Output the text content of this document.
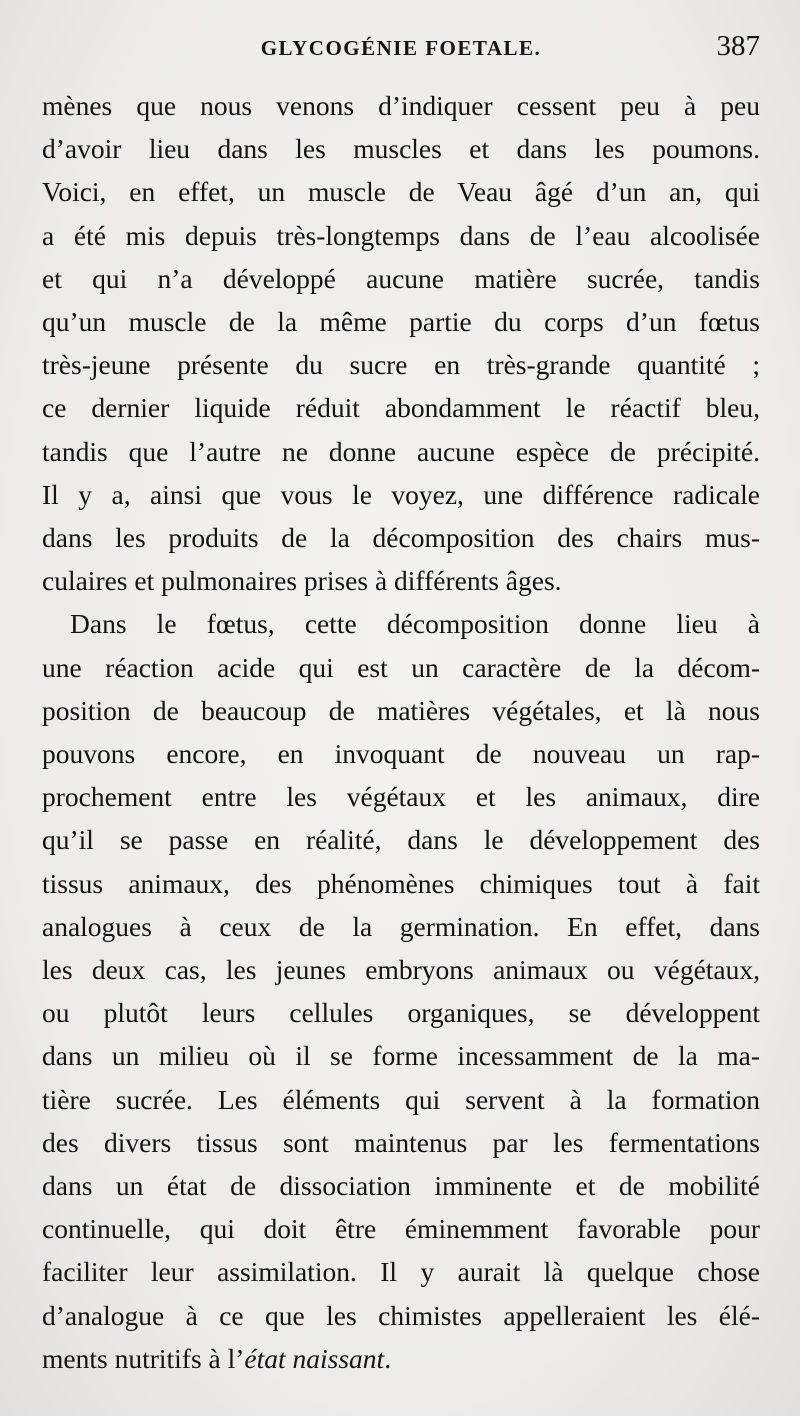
GLYCOGÉNIE FOETALE.	387

mènes que nous venons d’indiquer cessent peu à peu
d’avoir lieu dans les muscles et dans les poumons.
Voici, en effet, un muscle de Veau âgé d’un an, qui
a été mis depuis très-longtemps dans de l’eau alcoolisée
et qui n’a développé aucune matière sucrée, tandis
qu’un muscle de la même partie du corps d’un fœtus
très-jeune présente du sucre en très-grande quantité ;
ce dernier liquide réduit abondamment le réactif bleu,
tandis que l’autre ne donne aucune espèce de précipité.
Il y a, ainsi que vous le voyez, une différence radicale
dans les produits de la décomposition des chairs mus-
culaires et pulmonaires prises à différents âges.

Dans le fœtus, cette décomposition donne lieu à
une réaction acide qui est un caractère de la décom-
position de beaucoup de matières végétales, et là nous
pouvons encore, en invoquant de nouveau un rap-
prochement entre les végétaux et les animaux, dire
qu’il se passe en réalité, dans le développement des
tissus animaux, des phénomènes chimiques tout à fait
analogues à ceux de la germination. En effet, dans
les deux cas, les jeunes embryons animaux ou végétaux,
ou plutôt leurs cellules organiques, se développent
dans un milieu où il se forme incessamment de la ma-
tière sucrée. Les éléments qui servent à la formation
des divers tissus sont maintenus par les fermentations
dans un état de dissociation imminente et de mobilité
continuelle, qui doit être éminemment favorable pour
faciliter leur assimilation. Il y aurait là quelque chose
d’analogue à ce que les chimistes appelleraient les élé-
ments nutritifs à l’état naissant.
